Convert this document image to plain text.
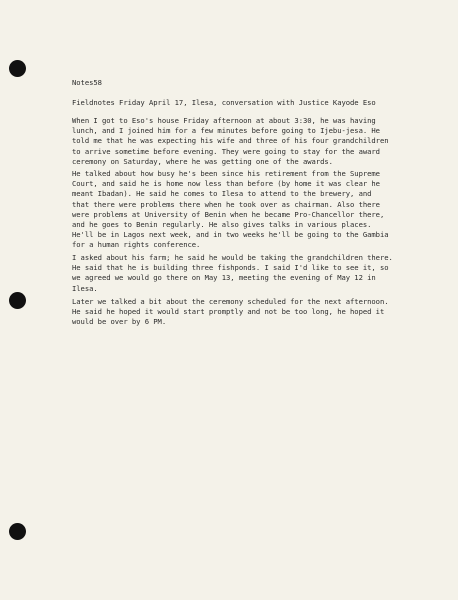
Notes58
Fieldnotes Friday April 17, Ilesa, conversation with Justice Kayode Eso
When I got to Eso's house Friday afternoon at about 3:30, he was having
lunch, and I joined him for a few minutes before going to Ijebu-jesa. He
told me that he was expecting his wife and three of his four grandchildren
to arrive sometime before evening. They were going to stay for the award
ceremony on Saturday, where he was getting one of the awards.
He talked about how busy he's been since his retirement from the Supreme
Court, and said he is home now less than before (by home it was clear he
meant Ibadan). He said he comes to Ilesa to attend to the brewery, and
that there were problems there when he took over as chairman. Also there
were problems at University of Benin when he became Pro-Chancellor there,
and he goes to Benin regularly. He also gives talks in various places.
He'll be in Lagos next week, and in two weeks he'll be going to the Gambia
for a human rights conference.
I asked about his farm; he said he would be taking the grandchildren there.
He said that he is building three fishponds. I said I'd like to see it, so
we agreed we would go there on May 13, meeting the evening of May 12 in
Ilesa.
Later we talked a bit about the ceremony scheduled for the next afternoon.
He said he hoped it would start promptly and not be too long, he hoped it
would be over by 6 PM.
